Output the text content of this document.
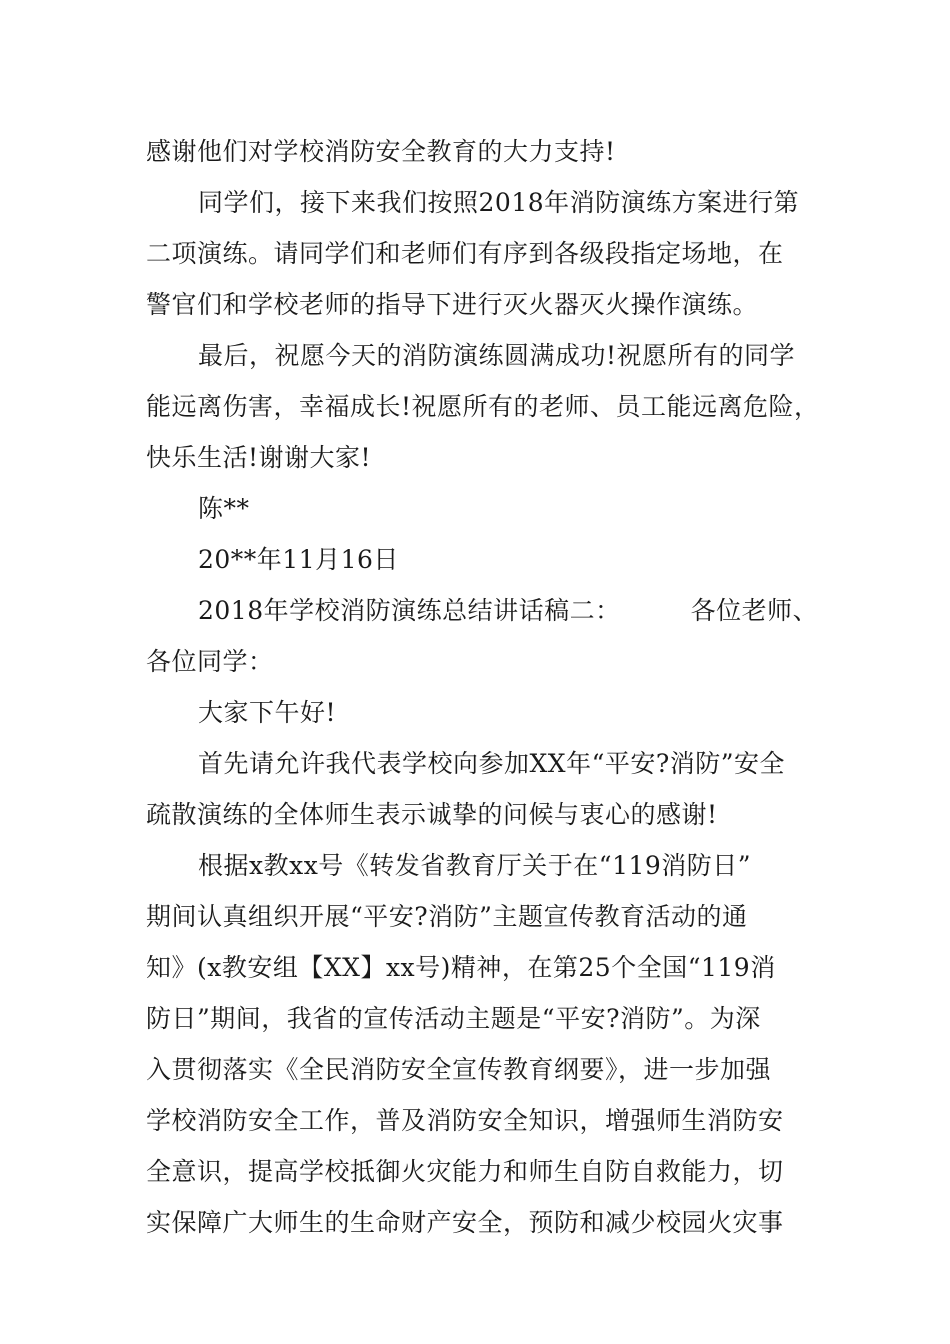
感谢他们对学校消防安全教育的大力支持!
同学们，接下来我们按照2018年消防演练方案进行第
二项演练。请同学们和老师们有序到各级段指定场地，在
警官们和学校老师的指导下进行灭火器灭火操作演练。
最后，祝愿今天的消防演练圆满成功!祝愿所有的同学
能远离伤害，幸福成长!祝愿所有的老师、员工能远离危险，
快乐生活!谢谢大家!
陈**
20**年11月16日
2018年学校消防演练总结讲话稿二：	各位老师、
各位同学：
大家下午好!
首先请允许我代表学校向参加XX年“平安?消防”安全
疏散演练的全体师生表示诚挚的问候与衷心的感谢!
根据x教xx号《转发省教育厅关于在“119消防日”
期间认真组织开展“平安?消防”主题宣传教育活动的通
知》(x教安组【XX】xx号)精神，在第25个全国“119消
防日”期间，我省的宣传活动主题是“平安?消防”。为深
入贯彻落实《全民消防安全宣传教育纲要》，进一步加强
学校消防安全工作，普及消防安全知识，增强师生消防安
全意识，提高学校抵御火灾能力和师生自防自救能力，切
实保障广大师生的生命财产安全，预防和减少校园火灾事
